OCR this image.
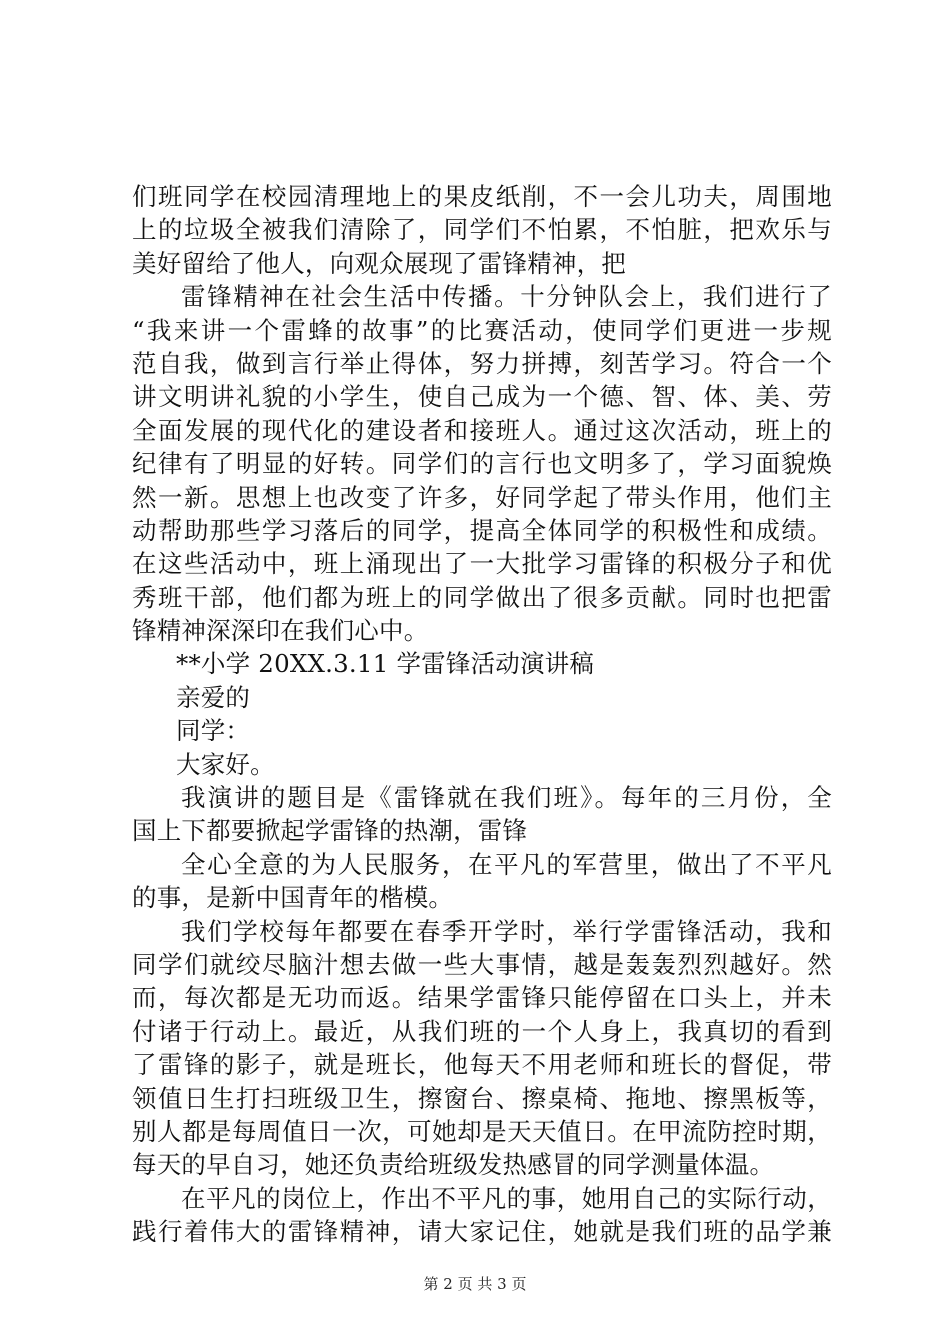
们班同学在校园清理地上的果皮纸削，不一会儿功夫，周围地
上的垃圾全被我们清除了，同学们不怕累，不怕脏，把欢乐与
美好留给了他人，向观众展现了雷锋精神，把
雷锋精神在社会生活中传播。十分钟队会上，我们进行了
“我来讲一个雷蜂的故事”的比赛活动，使同学们更进一步规
范自我，做到言行举止得体，努力拼搏，刻苦学习。符合一个
讲文明讲礼貌的小学生，使自己成为一个德、智、体、美、劳
全面发展的现代化的建设者和接班人。通过这次活动，班上的
纪律有了明显的好转。同学们的言行也文明多了，学习面貌焕
然一新。思想上也改变了许多，好同学起了带头作用，他们主
动帮助那些学习落后的同学，提高全体同学的积极性和成绩。
在这些活动中，班上涌现出了一大批学习雷锋的积极分子和优
秀班干部，他们都为班上的同学做出了很多贡献。同时也把雷
锋精神深深印在我们心中。
**小学 20XX.3.11 学雷锋活动演讲稿
亲爱的
同学：
大家好。
我演讲的题目是《雷锋就在我们班》。每年的三月份，全
国上下都要掀起学雷锋的热潮，雷锋
全心全意的为人民服务，在平凡的军营里，做出了不平凡
的事，是新中国青年的楷模。
我们学校每年都要在春季开学时，举行学雷锋活动，我和
同学们就绞尽脑汁想去做一些大事情，越是轰轰烈烈越好。然
而，每次都是无功而返。结果学雷锋只能停留在口头上，并未
付诸于行动上。最近，从我们班的一个人身上，我真切的看到
了雷锋的影子，就是班长，他每天不用老师和班长的督促，带
领值日生打扫班级卫生，擦窗台、擦桌椅、拖地、擦黑板等，
别人都是每周值日一次，可她却是天天值日。在甲流防控时期，
每天的早自习，她还负责给班级发热感冒的同学测量体温。
在平凡的岗位上，作出不平凡的事，她用自己的实际行动，
践行着伟大的雷锋精神，请大家记住，她就是我们班的品学兼
第 2 页 共 3 页
